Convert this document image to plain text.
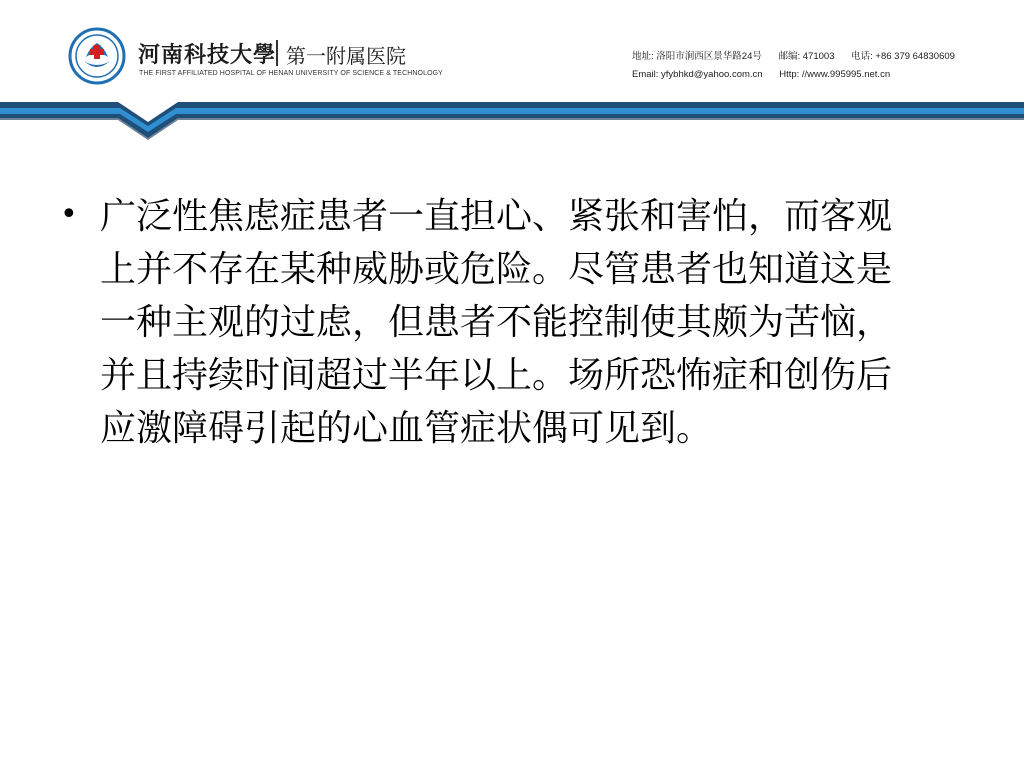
河南科技大學 第一附属医院
THE FIRST AFFILIATED HOSPITAL OF HENAN UNIVERSITY OF SCIENCE & TECHNOLOGY
地址: 洛阳市涧西区景华路24号 邮编: 471003 电话: +86 379 64830609
Email: yfybhkd@yahoo.com.cn Http: //www.995995.net.cn
• 广泛性焦虑症患者一直担心、紧张和害怕，而客观上并不存在某种威胁或危险。尽管患者也知道这是一种主观的过虑，但患者不能控制使其颇为苦恼，并且持续时间超过半年以上。场所恐怖症和创伤后应激障碍引起的心血管症状偶可见到。
